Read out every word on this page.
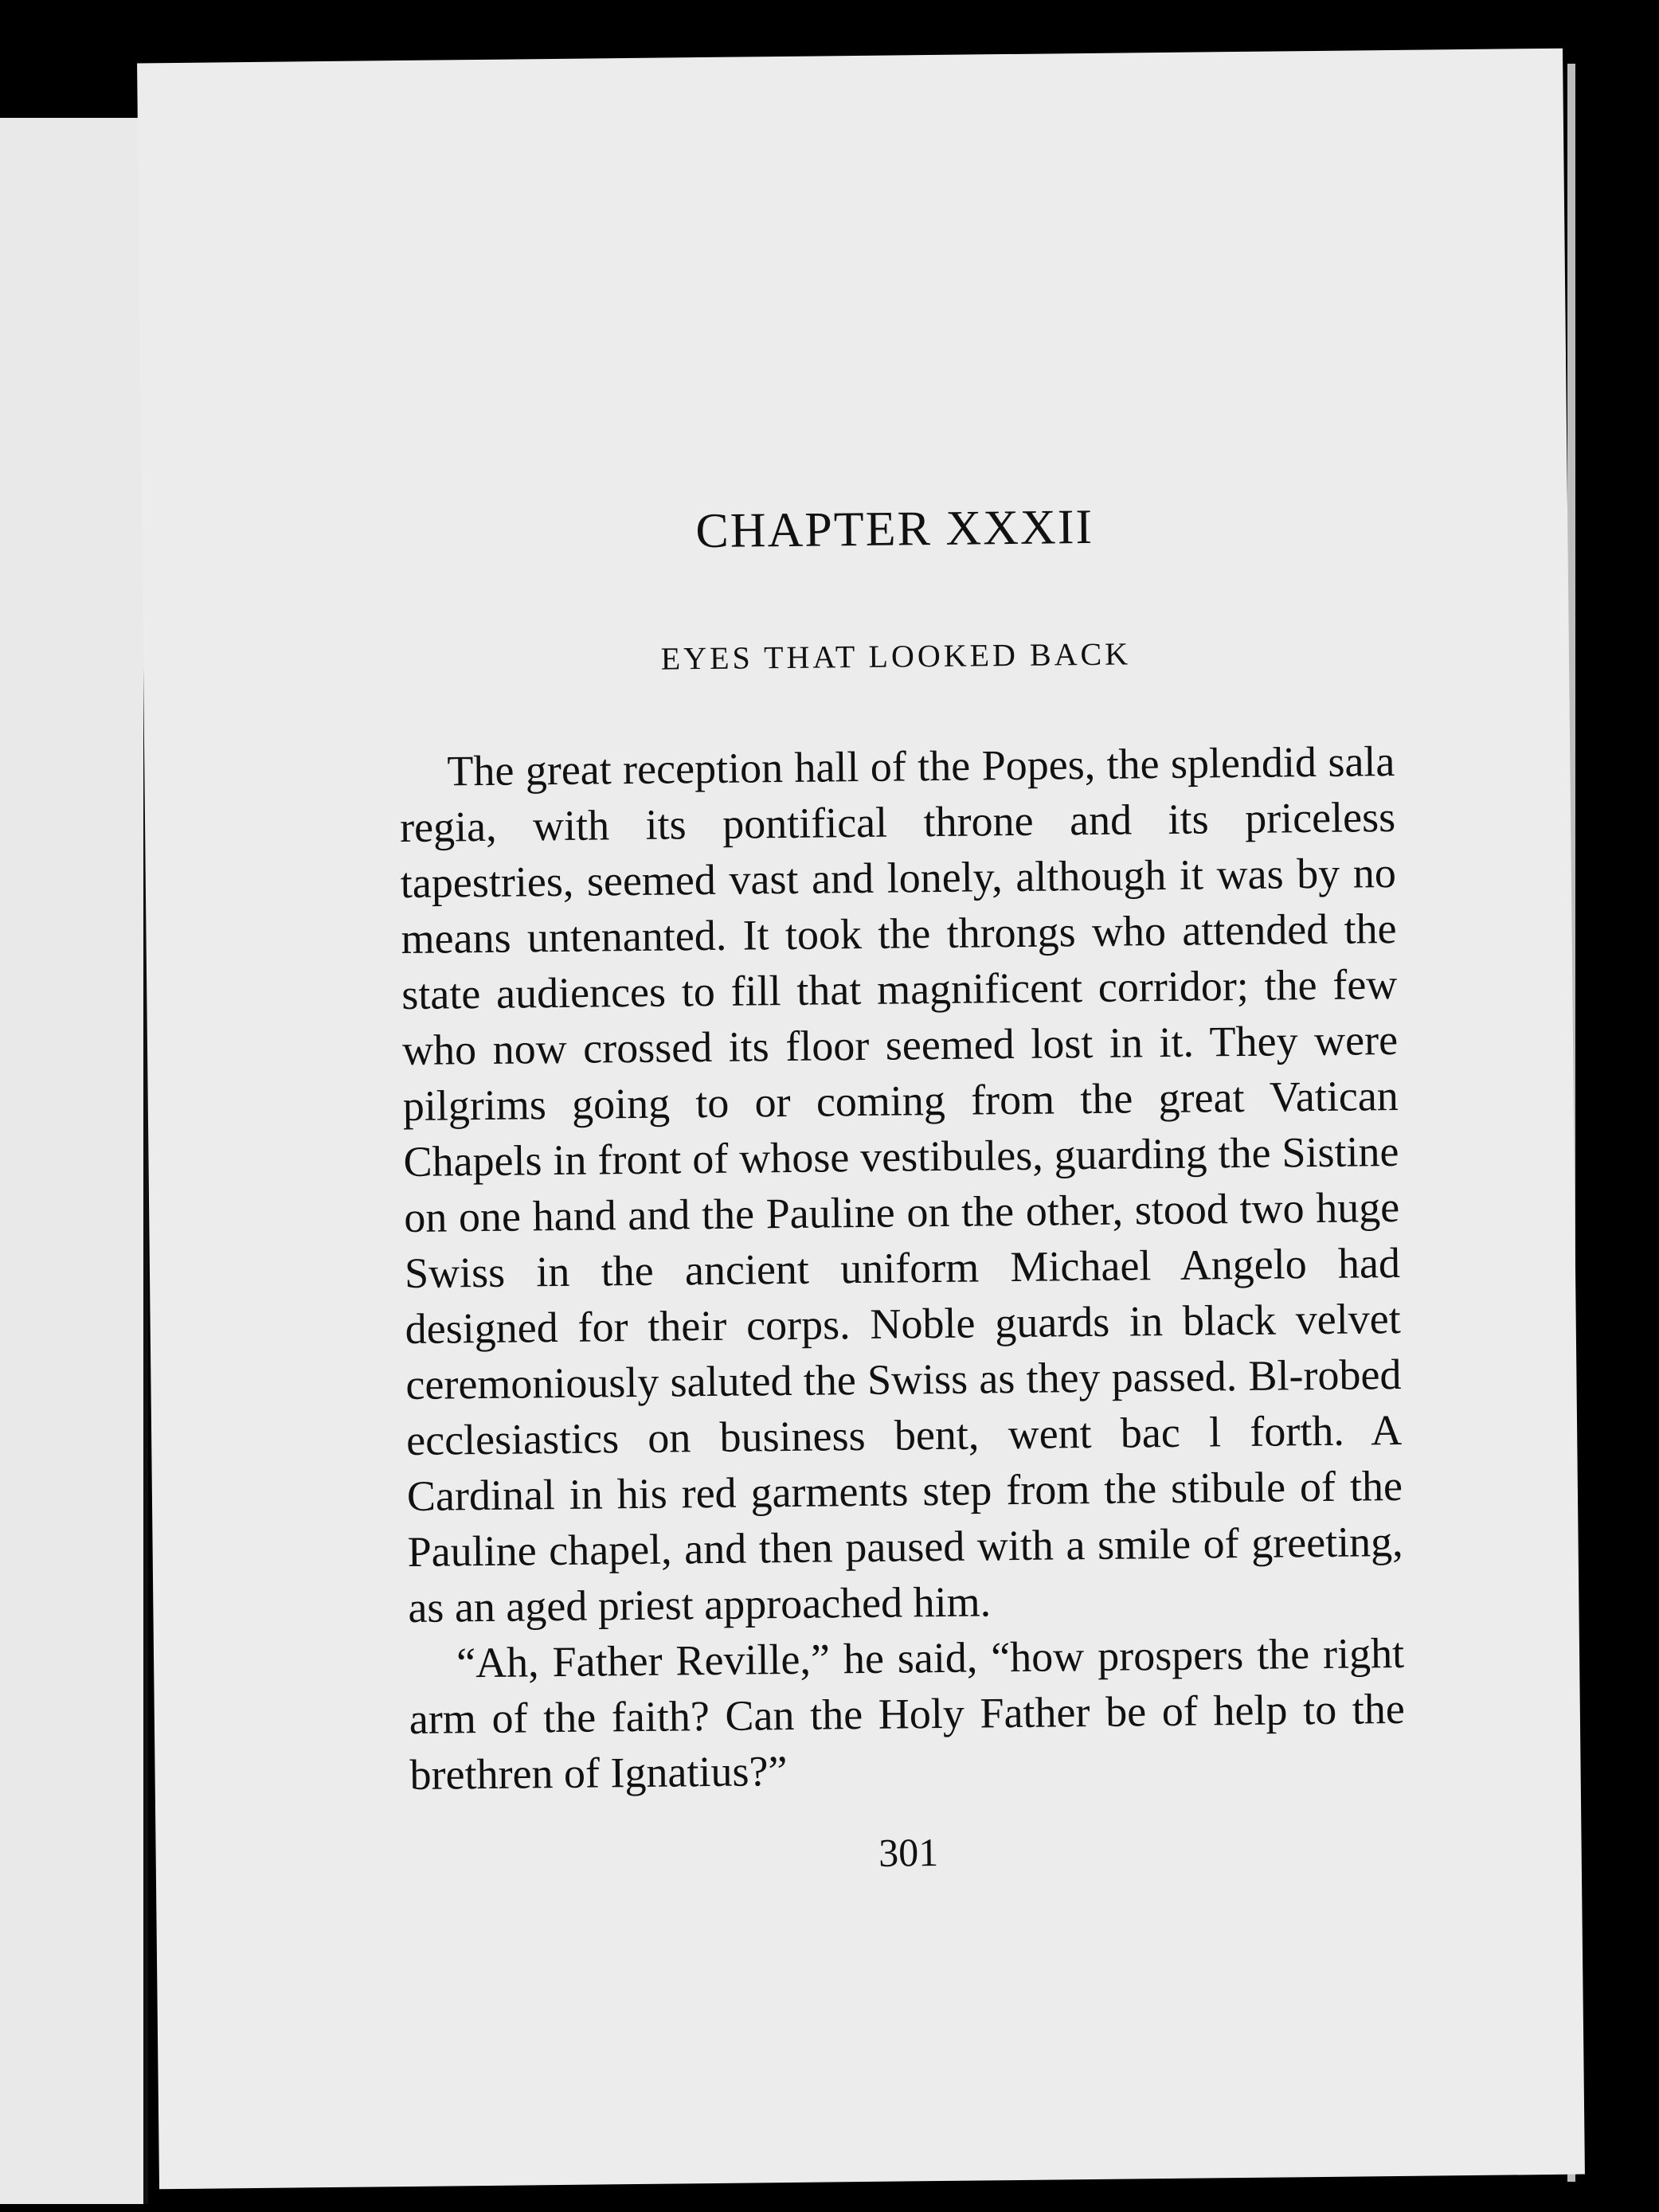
CHAPTER XXXII
EYES THAT LOOKED BACK

The great reception hall of the Popes, the splendid sala regia, with its pontifical throne and its priceless tapestries, seemed vast and lonely, although it was by no means untenanted. It took the throngs who attended the state audiences to fill that magnificent corridor; the few who now crossed its floor seemed lost in it. They were pilgrims going to or coming from the great Vatican Chapels in front of whose vestibules, guarding the Sistine on one hand and the Pauline on the other, stood two huge Swiss in the ancient uniform Michael Angelo had designed for their corps. Noble guards in black velvet ceremoniously saluted the Swiss as they passed. Bl-robed ecclesiastics on business bent, went bac l forth. A Cardinal in his red garments step from the stibule of the Pauline chapel, and then paused with a smile of greeting, as an aged priest approached him.

“Ah, Father Reville,” he said, “how prospers the right arm of the faith? Can the Holy Father be of help to the brethren of Ignatius?”

301
